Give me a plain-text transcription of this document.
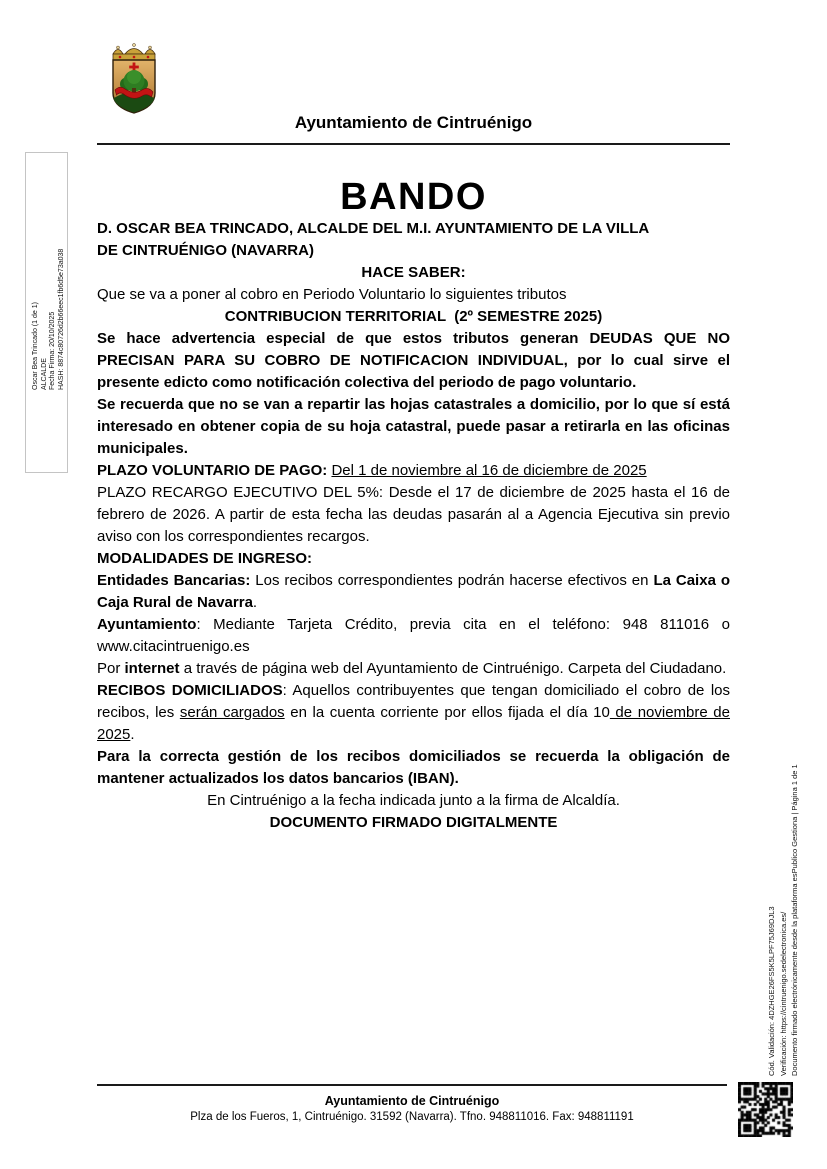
Ayuntamiento de Cintruénigo
Oscar Bea Trincado (1 de 1) ALCALDE Fecha Firma: 20/10/2025 HASH: 8874c80726d2b66eec1fb6d5e73a038

BANDO

D. OSCAR BEA TRINCADO, ALCALDE DEL M.I. AYUNTAMIENTO DE LA VILLA
DE CINTRUÉNIGO (NAVARRA)

HACE SABER:

Que se va a poner al cobro en Periodo Voluntario lo siguientes tributos

CONTRIBUCION TERRITORIAL  (2º SEMESTRE 2025)

Se hace advertencia especial de que estos tributos generan DEUDAS QUE NO PRECISAN PARA SU COBRO DE NOTIFICACION INDIVIDUAL, por lo cual sirve el presente edicto como notificación colectiva del periodo de pago voluntario.

Se recuerda que no se van a repartir las hojas catastrales a domicilio, por lo que sí está interesado en obtener copia de su hoja catastral, puede pasar a retirarla en las oficinas municipales.

PLAZO VOLUNTARIO DE PAGO: Del 1 de noviembre al 16 de diciembre de 2025

PLAZO RECARGO EJECUTIVO DEL 5%: Desde el 17 de diciembre de 2025 hasta el 16 de febrero de 2026. A partir de esta fecha las deudas pasarán al a Agencia Ejecutiva sin previo aviso con los correspondientes recargos.

MODALIDADES DE INGRESO:

Entidades Bancarias: Los recibos correspondientes podrán hacerse efectivos en La Caixa o Caja Rural de Navarra.

Ayuntamiento: Mediante Tarjeta Crédito, previa cita en el teléfono: 948 811016 o www.citacintruenigo.es

Por internet a través de página web del Ayuntamiento de Cintruénigo. Carpeta del Ciudadano.

RECIBOS DOMICILIADOS: Aquellos contribuyentes que tengan domiciliado el cobro de los recibos, les serán cargados en la cuenta corriente por ellos fijada el día 10 de noviembre de 2025.

Para la correcta gestión de los recibos domiciliados se recuerda la obligación de mantener actualizados los datos bancarios (IBAN).

En Cintruénigo a la fecha indicada junto a la firma de Alcaldía.

DOCUMENTO FIRMADO DIGITALMENTE

Cód. Validación: 4DZHGE26FS5K5LPF75J69DJL3 Verificación: https://cintruenigo.sedelectronica.es/ Documento firmado electrónicamente desde la plataforma esPublico Gestiona | Página 1 de 1
Ayuntamiento de Cintruénigo
Plza de los Fueros, 1, Cintruénigo. 31592 (Navarra). Tfno. 948811016. Fax: 948811191
